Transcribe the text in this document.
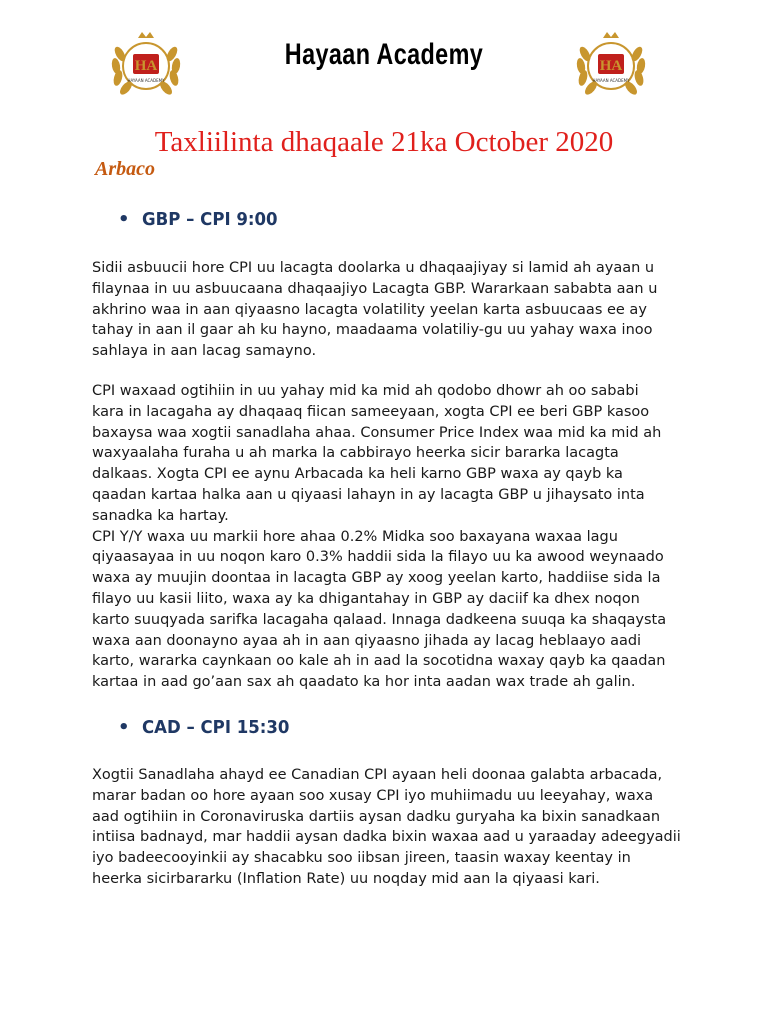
HA
HAYAAN ACADEMY
Hayaan Academy	HA
HAYAAN ACADEMY
Taxliilinta dhaqaale 21ka October 2020
Arbaco
• GBP – CPI 9:00
Sidii asbuucii hore CPI uu lacagta doolarka u dhaqaajiyay si lamid ah ayaan u
filaynaa in uu asbuucaana dhaqaajiyo Lacagta GBP. Wararkaan sababta aan u
akhrino waa in aan qiyaasno lacagta volatility yeelan karta asbuucaas ee ay
tahay in aan il gaar ah ku hayno, maadaama volatiliy-gu uu yahay waxa inoo
sahlaya in aan lacag samayno.
CPI waxaad ogtihiin in uu yahay mid ka mid ah qodobo dhowr ah oo sababi
kara in lacagaha ay dhaqaaq fiican sameeyaan, xogta CPI ee beri GBP kasoo
baxaysa waa xogtii sanadlaha ahaa. Consumer Price Index waa mid ka mid ah
waxyaalaha furaha u ah marka la cabbirayo heerka sicir bararka lacagta
dalkaas. Xogta CPI ee aynu Arbacada ka heli karno GBP waxa ay qayb ka
qaadan kartaa halka aan u qiyaasi lahayn in ay lacagta GBP u jihaysato inta
sanadka ka hartay.
CPI Y/Y waxa uu markii hore ahaa 0.2% Midka soo baxayana waxaa lagu
qiyaasayaa in uu noqon karo 0.3% haddii sida la filayo uu ka awood weynaado
waxa ay muujin doontaa in lacagta GBP ay xoog yeelan karto, haddiise sida la
filayo uu kasii liito, waxa ay ka dhigantahay in GBP ay daciif ka dhex noqon
karto suuqyada sarifka lacagaha qalaad. Innaga dadkeena suuqa ka shaqaysta
waxa aan doonayno ayaa ah in aan qiyaasno jihada ay lacag heblaayo aadi
karto, wararka caynkaan oo kale ah in aad la socotidna waxay qayb ka qaadan
kartaa in aad go’aan sax ah qaadato ka hor inta aadan wax trade ah galin.
• CAD – CPI 15:30
Xogtii Sanadlaha ahayd ee Canadian CPI ayaan heli doonaa galabta arbacada,
marar badan oo hore ayaan soo xusay CPI iyo muhiimadu uu leeyahay, waxa
aad ogtihiin in Coronaviruska dartiis aysan dadku guryaha ka bixin sanadkaan
intiisa badnayd, mar haddii aysan dadka bixin waxaa aad u yaraaday adeegyadii
iyo badeecooyinkii ay shacabku soo iibsan jireen, taasin waxay keentay in
heerka sicirbararku (Inflation Rate) uu noqday mid aan la qiyaasi kari.
